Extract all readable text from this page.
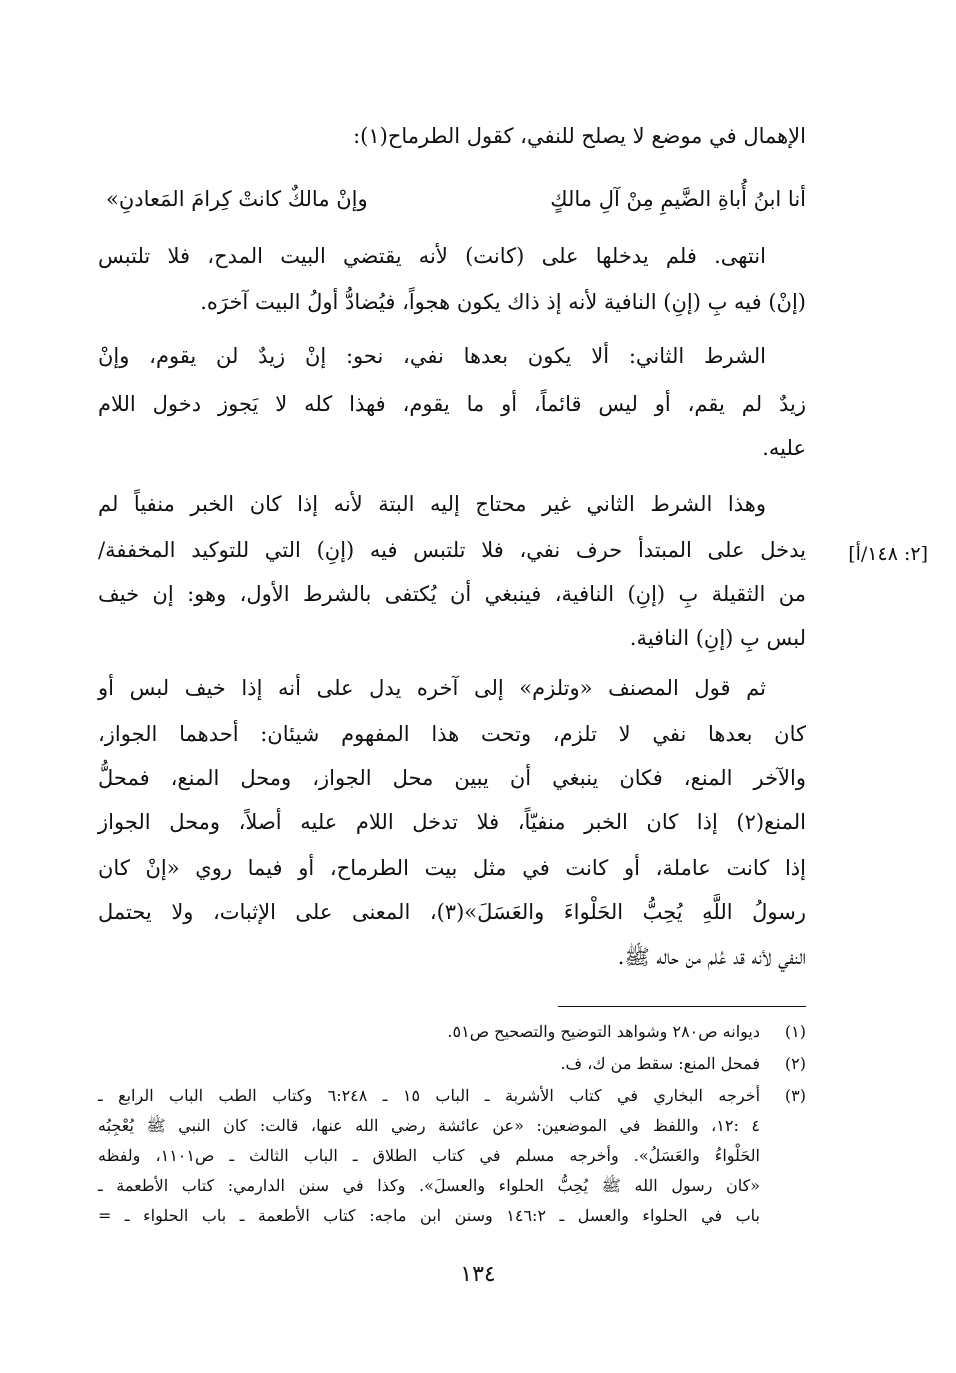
الإهمال في موضع لا يصلح للنفي، كقول الطرماح(١):
أنا ابنُ أُباةِ الضَّيمِ مِنْ آلِ مالكٍ
وإنْ مالكٌ كانتْ كِرامَ المَعادنِ»
انتهى. فلم يدخلها على (كانت) لأنه يقتضي البيت المدح، فلا تلتبس
(إنْ) فيه بِ (إنِ) النافية لأنه إذ ذاك يكون هجواً، فيُضادُّ أولُ البيت آخرَه.
الشرط الثاني: ألا يكون بعدها نفي، نحو: إنْ زيدٌ لن يقوم، وإنْ
زيدٌ لم يقم، أو ليس قائماً، أو ما يقوم، فهذا كله لا يَجوز دخول اللام
عليه.
وهذا الشرط الثاني غير محتاج إليه البتة لأنه إذا كان الخبر منفياً لم
يدخل على المبتدأ حرف نفي، فلا تلتبس فيه (إنِ) التي للتوكيد المخففة/
من الثقيلة بِ (إنِ) النافية، فينبغي أن يُكتفى بالشرط الأول، وهو: إن خيف
لبس بِ (إنِ) النافية.
[٢: ١٤٨/أ]
ثم قول المصنف «وتلزم» إلى آخره يدل على أنه إذا خيف لبس أو
كان بعدها نفي لا تلزم، وتحت هذا المفهوم شيئان: أحدهما الجواز،
والآخر المنع، فكان ينبغي أن يبين محل الجواز، ومحل المنع، فمحلُّ
المنع(٢) إذا كان الخبر منفيّاً، فلا تدخل اللام عليه أصلاً، ومحل الجواز
إذا كانت عاملة، أو كانت في مثل بيت الطرماح، أو فيما روي «إنْ كان
رسولُ اللَّهِ يُحِبُّ الحَلْواءَ والعَسَلَ»(٣)، المعنى على الإثبات، ولا يحتمل
النفي لأنه قد عُلم من حاله ﷺ.
(١)ديوانه ص٢٨٠ وشواهد التوضيح والتصحيح ص٥١.
(٢)فمحل المنع: سقط من ك، ف.
(٣)
أخرجه البخاري في كتاب الأشربة ـ الباب ١٥ ـ ٦:٢٤٨ وكتاب الطب الباب الرابع ـ
٤ :١٢، واللفظ في الموضعين: «عن عائشة رضي الله عنها، قالت: كان النبي ﷺ يُعْجِبُه
الحَلْواءُ والعَسَلُ». وأخرجه مسلم في كتاب الطلاق ـ الباب الثالث ـ ص١١٠١، ولفظه
«كان رسول الله ﷺ يُحِبُّ الحلواء والعسلَ». وكذا في سنن الدارمي: كتاب الأطعمة ـ
باب في الحلواء والعسل ـ ١٤٦:٢ وسنن ابن ماجه: كتاب الأطعمة ـ باب الحلواء ـ =
١٣٤
